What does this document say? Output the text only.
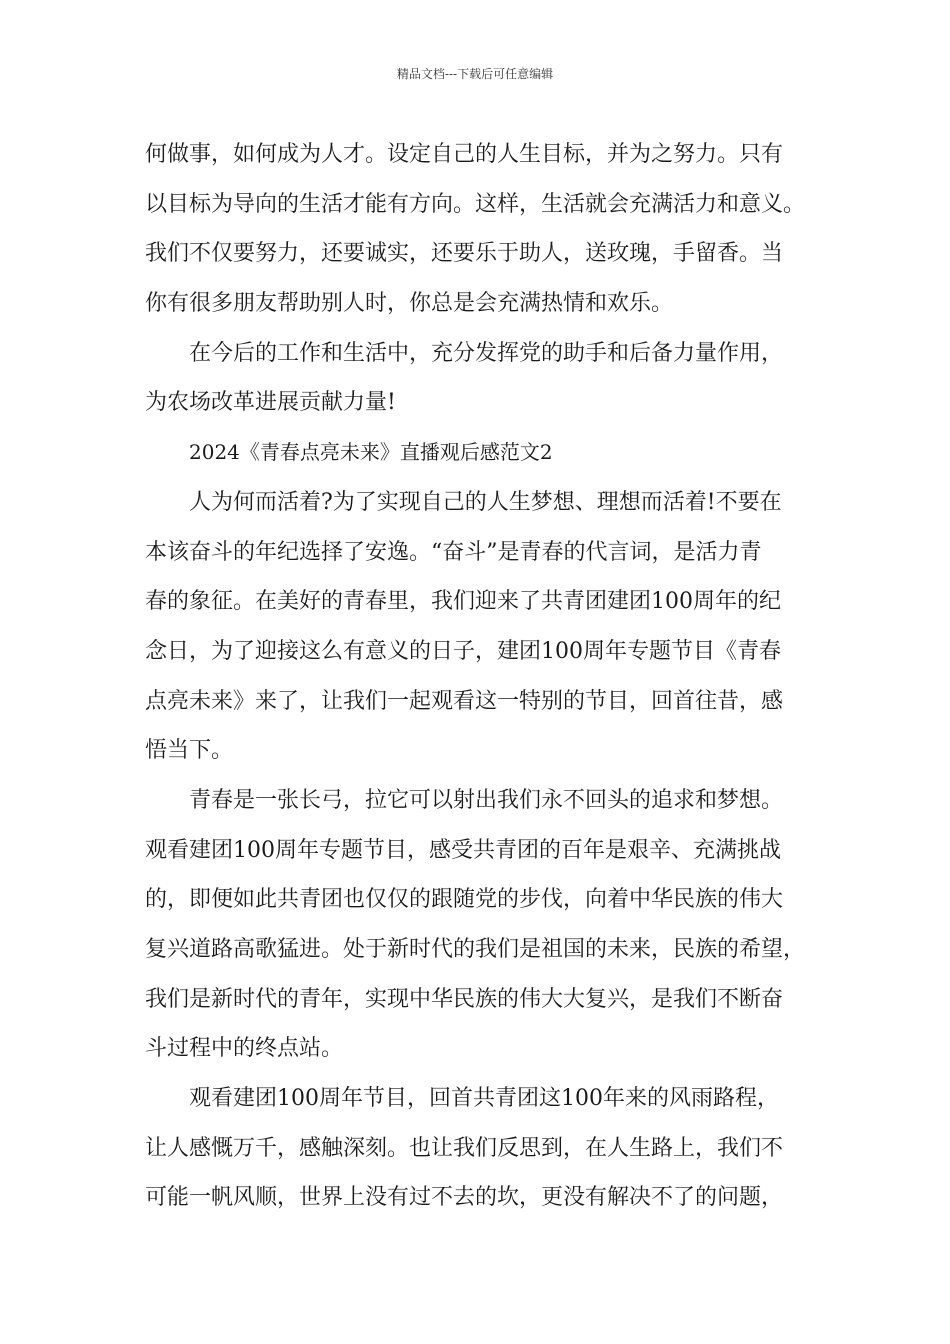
精品文档---下载后可任意编辑
何做事，如何成为人才。设定自己的人生目标，并为之努力。只有
以目标为导向的生活才能有方向。这样，生活就会充满活力和意义。
我们不仅要努力，还要诚实，还要乐于助人，送玫瑰，手留香。当
你有很多朋友帮助别人时，你总是会充满热情和欢乐。
在今后的工作和生活中，充分发挥党的助手和后备力量作用，
为农场改革进展贡献力量!
2024《青春点亮未来》直播观后感范文2
人为何而活着?为了实现自己的人生梦想、理想而活着!不要在
本该奋斗的年纪选择了安逸。“奋斗”是青春的代言词，是活力青
春的象征。在美好的青春里，我们迎来了共青团建团100周年的纪
念日，为了迎接这么有意义的日子，建团100周年专题节目《青春
点亮未来》来了，让我们一起观看这一特别的节目，回首往昔，感
悟当下。
青春是一张长弓，拉它可以射出我们永不回头的追求和梦想。
观看建团100周年专题节目，感受共青团的百年是艰辛、充满挑战
的，即便如此共青团也仅仅的跟随党的步伐，向着中华民族的伟大
复兴道路高歌猛进。处于新时代的我们是祖国的未来，民族的希望，
我们是新时代的青年，实现中华民族的伟大大复兴，是我们不断奋
斗过程中的终点站。
观看建团100周年节目，回首共青团这100年来的风雨路程，
让人感慨万千，感触深刻。也让我们反思到，在人生路上，我们不
可能一帆风顺，世界上没有过不去的坎，更没有解决不了的问题，
